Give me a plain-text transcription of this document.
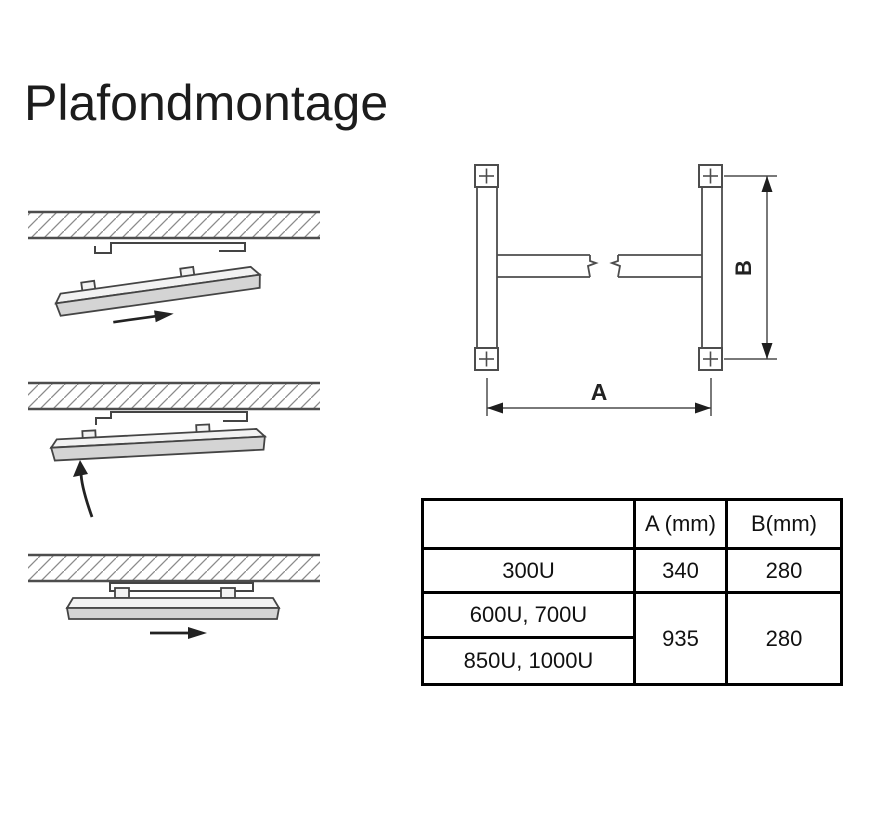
Plafondmontage
B
A
	A (mm)	B(mm)
300U	340	280
600U, 700U	935	280
850U, 1000U		
